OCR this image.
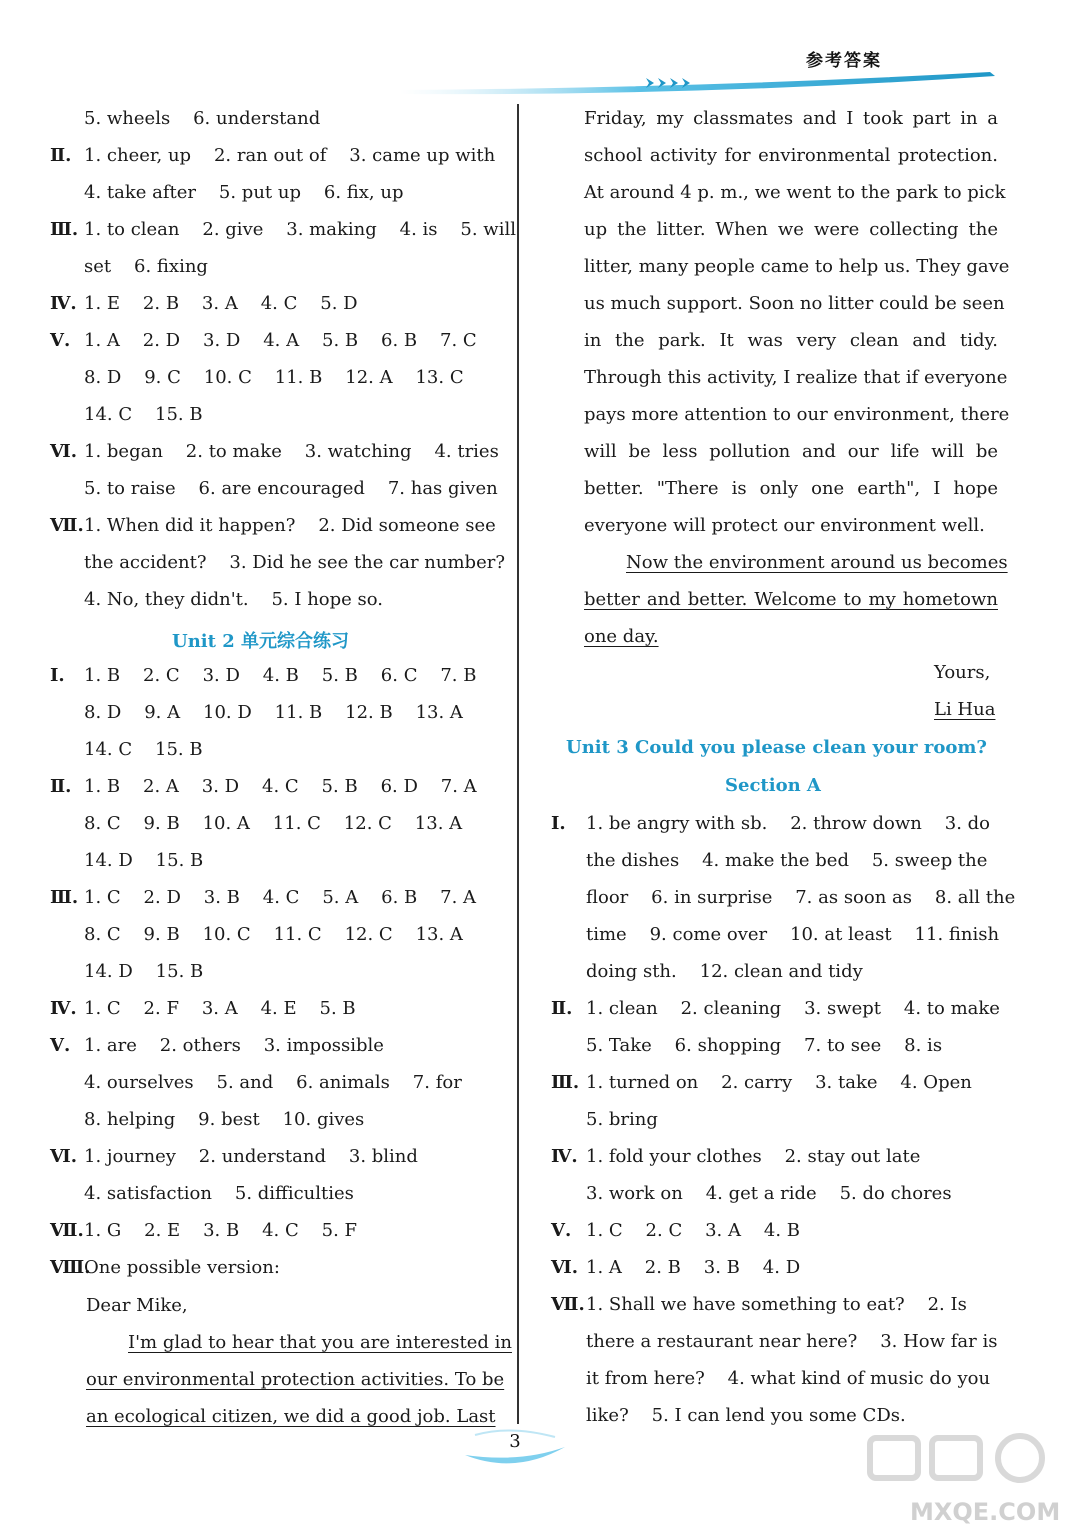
参考答案
5. wheels    6. understand
Ⅱ. 1. cheer, up    2. ran out of    3. came up with
4. take after    5. put up    6. fix, up
Ⅲ. 1. to clean    2. give    3. making    4. is    5. will
set    6. fixing
Ⅳ. 1. E    2. B    3. A    4. C    5. D
Ⅴ. 1. A    2. D    3. D    4. A    5. B    6. B    7. C
8. D    9. C    10. C    11. B    12. A    13. C
14. C    15. B
Ⅵ. 1. began    2. to make    3. watching    4. tries
5. to raise    6. are encouraged    7. has given
Ⅶ. 1. When did it happen?    2. Did someone see
the accident?    3. Did he see the car number?
4. No, they didn't.    5. I hope so.
Unit 2 单元综合练习
Ⅰ. 1. B    2. C    3. D    4. B    5. B    6. C    7. B
8. D    9. A    10. D    11. B    12. B    13. A
14. C    15. B
Ⅱ. 1. B    2. A    3. D    4. C    5. B    6. D    7. A
8. C    9. B    10. A    11. C    12. C    13. A
14. D    15. B
Ⅲ. 1. C    2. D    3. B    4. C    5. A    6. B    7. A
8. C    9. B    10. C    11. C    12. C    13. A
14. D    15. B
Ⅳ. 1. C    2. F    3. A    4. E    5. B
Ⅴ. 1. are    2. others    3. impossible
4. ourselves    5. and    6. animals    7. for
8. helping    9. best    10. gives
Ⅵ. 1. journey    2. understand    3. blind
4. satisfaction    5. difficulties
Ⅶ. 1. G    2. E    3. B    4. C    5. F
Ⅷ.
One possible version:
Dear Mike,
I'm glad to hear that you are interested in
our environmental protection activities. To be
an ecological citizen, we did a good job. Last
Friday, my classmates and I took part in a
school activity for environmental protection.
At around 4 p. m., we went to the park to pick
up the litter. When we were collecting the
litter, many people came to help us. They gave
us much support. Soon no litter could be seen
in the park. It was very clean and tidy.
Through this activity, I realize that if everyone
pays more attention to our environment, there
will be less pollution and our life will be
better. "There is only one earth", I hope
everyone will protect our environment well.
Now the environment around us becomes
better and better. Welcome to my hometown
one day.
Yours,
Li Hua
Unit 3 Could you please clean your room?
Section A
Ⅰ. 1. be angry with sb.    2. throw down    3. do
the dishes    4. make the bed    5. sweep the
floor    6. in surprise    7. as soon as    8. all the
time    9. come over    10. at least    11. finish
doing sth.    12. clean and tidy
Ⅱ. 1. clean    2. cleaning    3. swept    4. to make
5. Take    6. shopping    7. to see    8. is
Ⅲ. 1. turned on    2. carry    3. take    4. Open
5. bring
Ⅳ. 1. fold your clothes    2. stay out late
3. work on    4. get a ride    5. do chores
Ⅴ. 1. C    2. C    3. A    4. B
Ⅵ. 1. A    2. B    3. B    4. D
Ⅶ. 1. Shall we have something to eat?    2. Is
there a restaurant near here?    3. How far is
it from here?    4. what kind of music do you
like?    5. I can lend you some CDs.
3
MXQE.COM
